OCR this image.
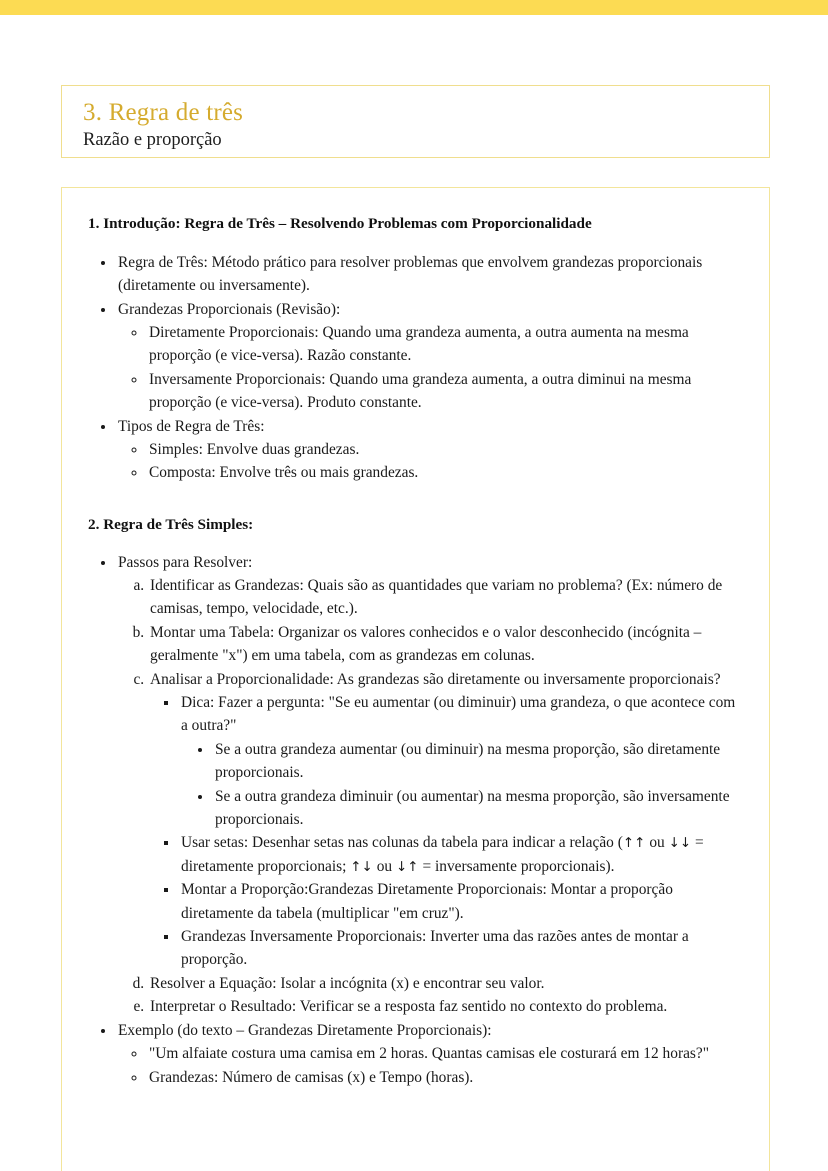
3. Regra de três
Razão e proporção
1. Introdução: Regra de Três – Resolvendo Problemas com Proporcionalidade
• Regra de Três: Método prático para resolver problemas que envolvem grandezas proporcionais (diretamente ou inversamente).
• Grandezas Proporcionais (Revisão):
◦ Diretamente Proporcionais: Quando uma grandeza aumenta, a outra aumenta na mesma proporção (e vice-versa). Razão constante.
◦ Inversamente Proporcionais: Quando uma grandeza aumenta, a outra diminui na mesma proporção (e vice-versa). Produto constante.
• Tipos de Regra de Três:
◦ Simples: Envolve duas grandezas.
◦ Composta: Envolve três ou mais grandezas.
2. Regra de Três Simples:
• Passos para Resolver:
a. Identificar as Grandezas: Quais são as quantidades que variam no problema? (Ex: número de camisas, tempo, velocidade, etc.).
b. Montar uma Tabela: Organizar os valores conhecidos e o valor desconhecido (incógnita – geralmente "x") em uma tabela, com as grandezas em colunas.
c. Analisar a Proporcionalidade: As grandezas são diretamente ou inversamente proporcionais?
▪ Dica: Fazer a pergunta: "Se eu aumentar (ou diminuir) uma grandeza, o que acontece com a outra?"
• Se a outra grandeza aumentar (ou diminuir) na mesma proporção, são diretamente proporcionais.
• Se a outra grandeza diminuir (ou aumentar) na mesma proporção, são inversamente proporcionais.
▪ Usar setas: Desenhar setas nas colunas da tabela para indicar a relação (↑↑ ou ↓↓ = diretamente proporcionais; ↑↓ ou ↓↑ = inversamente proporcionais).
▪ Montar a Proporção:Grandezas Diretamente Proporcionais: Montar a proporção diretamente da tabela (multiplicar "em cruz").
▪ Grandezas Inversamente Proporcionais: Inverter uma das razões antes de montar a proporção.
d. Resolver a Equação: Isolar a incógnita (x) e encontrar seu valor.
e. Interpretar o Resultado: Verificar se a resposta faz sentido no contexto do problema.
• Exemplo (do texto – Grandezas Diretamente Proporcionais):
◦ "Um alfaiate costura uma camisa em 2 horas. Quantas camisas ele costurará em 12 horas?"
◦ Grandezas: Número de camisas (x) e Tempo (horas).
